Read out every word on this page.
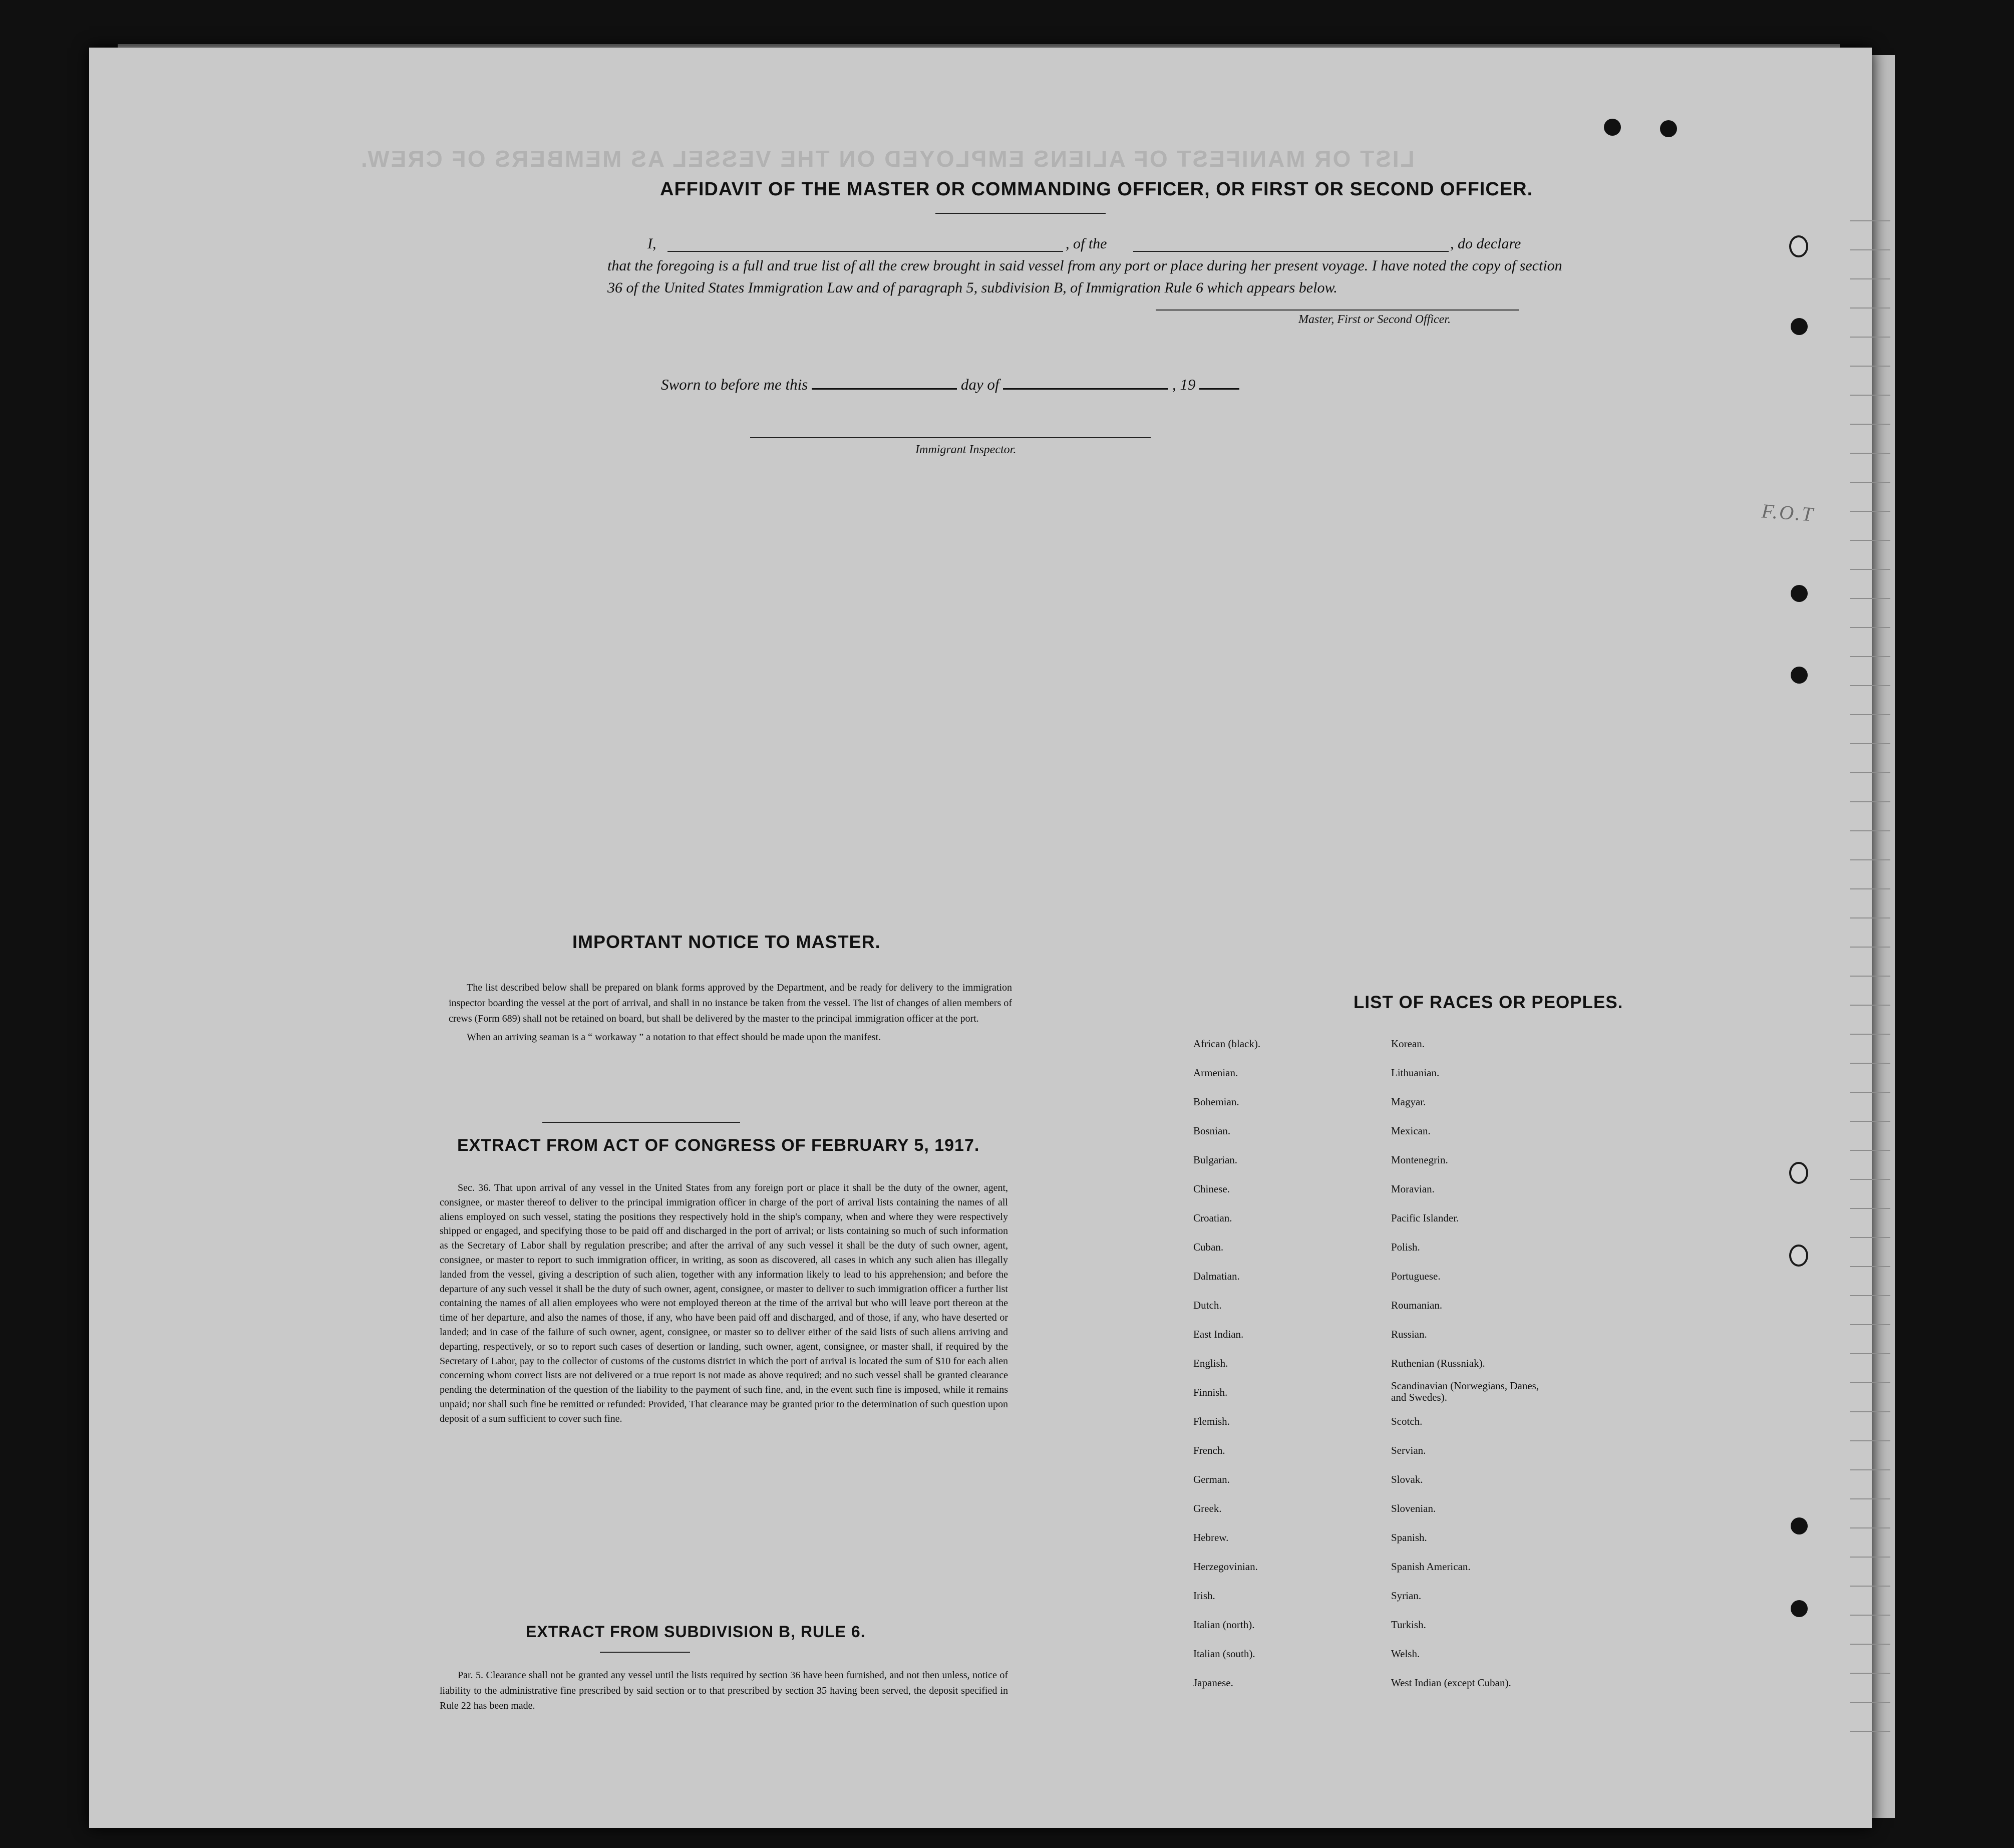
LIST OR MANIFEST OF ALIENS EMPLOYED ON THE VESSEL AS MEMBERS OF CREW.
F.O.T
AFFIDAVIT OF THE MASTER OR COMMANDING OFFICER, OR FIRST OR SECOND OFFICER.
I,	, of the	, do declare
that the foregoing is a full and true list of all the crew brought in said vessel from any port or place during her present voyage. I have noted the copy of section 36 of the United States Immigration Law and of paragraph 5, subdivision B, of Immigration Rule 6 which appears below.
Master, First or Second Officer.
Sworn to before me this	day of	, 19
Immigrant Inspector.
IMPORTANT NOTICE TO MASTER.
The list described below shall be prepared on blank forms approved by the Department, and be ready for delivery to the immigration inspector boarding the vessel at the port of arrival, and shall in no instance be taken from the vessel. The list of changes of alien members of crews (Form 689) shall not be retained on board, but shall be delivered by the master to the principal immigration officer at the port.
When an arriving seaman is a “ workaway ” a notation to that effect should be made upon the manifest.
EXTRACT FROM ACT OF CONGRESS OF FEBRUARY 5, 1917.
Sec. 36. That upon arrival of any vessel in the United States from any foreign port or place it shall be the duty of the owner, agent, consignee, or master thereof to deliver to the principal immigration officer in charge of the port of arrival lists containing the names of all aliens employed on such vessel, stating the positions they respectively hold in the ship's company, when and where they were respectively shipped or engaged, and specifying those to be paid off and discharged in the port of arrival; or lists containing so much of such information as the Secretary of Labor shall by regulation prescribe; and after the arrival of any such vessel it shall be the duty of such owner, agent, consignee, or master to report to such immigration officer, in writing, as soon as discovered, all cases in which any such alien has illegally landed from the vessel, giving a description of such alien, together with any information likely to lead to his apprehension; and before the departure of any such vessel it shall be the duty of such owner, agent, consignee, or master to deliver to such immigration officer a further list containing the names of all alien employees who were not employed thereon at the time of the arrival but who will leave port thereon at the time of her departure, and also the names of those, if any, who have been paid off and discharged, and of those, if any, who have deserted or landed; and in case of the failure of such owner, agent, consignee, or master so to deliver either of the said lists of such aliens arriving and departing, respectively, or so to report such cases of desertion or landing, such owner, agent, consignee, or master shall, if required by the Secretary of Labor, pay to the collector of customs of the customs district in which the port of arrival is located the sum of $10 for each alien concerning whom correct lists are not delivered or a true report is not made as above required; and no such vessel shall be granted clearance pending the determination of the question of the liability to the payment of such fine, and, in the event such fine is imposed, while it remains unpaid; nor shall such fine be remitted or refunded: Provided, That clearance may be granted prior to the determination of such question upon deposit of a sum sufficient to cover such fine.
EXTRACT FROM SUBDIVISION B, RULE 6.
Par. 5. Clearance shall not be granted any vessel until the lists required by section 36 have been furnished, and not then unless, notice of liability to the administrative fine prescribed by said section or to that prescribed by section 35 having been served, the deposit specified in Rule 22 has been made.
LIST OF RACES OR PEOPLES.
African (black).
Armenian.
Bohemian.
Bosnian.
Bulgarian.
Chinese.
Croatian.
Cuban.
Dalmatian.
Dutch.
East Indian.
English.
Finnish.
Flemish.
French.
German.
Greek.
Hebrew.
Herzegovinian.
Irish.
Italian (north).
Italian (south).
Japanese.
Korean.
Lithuanian.
Magyar.
Mexican.
Montenegrin.
Moravian.
Pacific Islander.
Polish.
Portuguese.
Roumanian.
Russian.
Ruthenian (Russniak).
Scandinavian (Norwegians, Danes, and Swedes).
Scotch.
Servian.
Slovak.
Slovenian.
Spanish.
Spanish American.
Syrian.
Turkish.
Welsh.
West Indian (except Cuban).
